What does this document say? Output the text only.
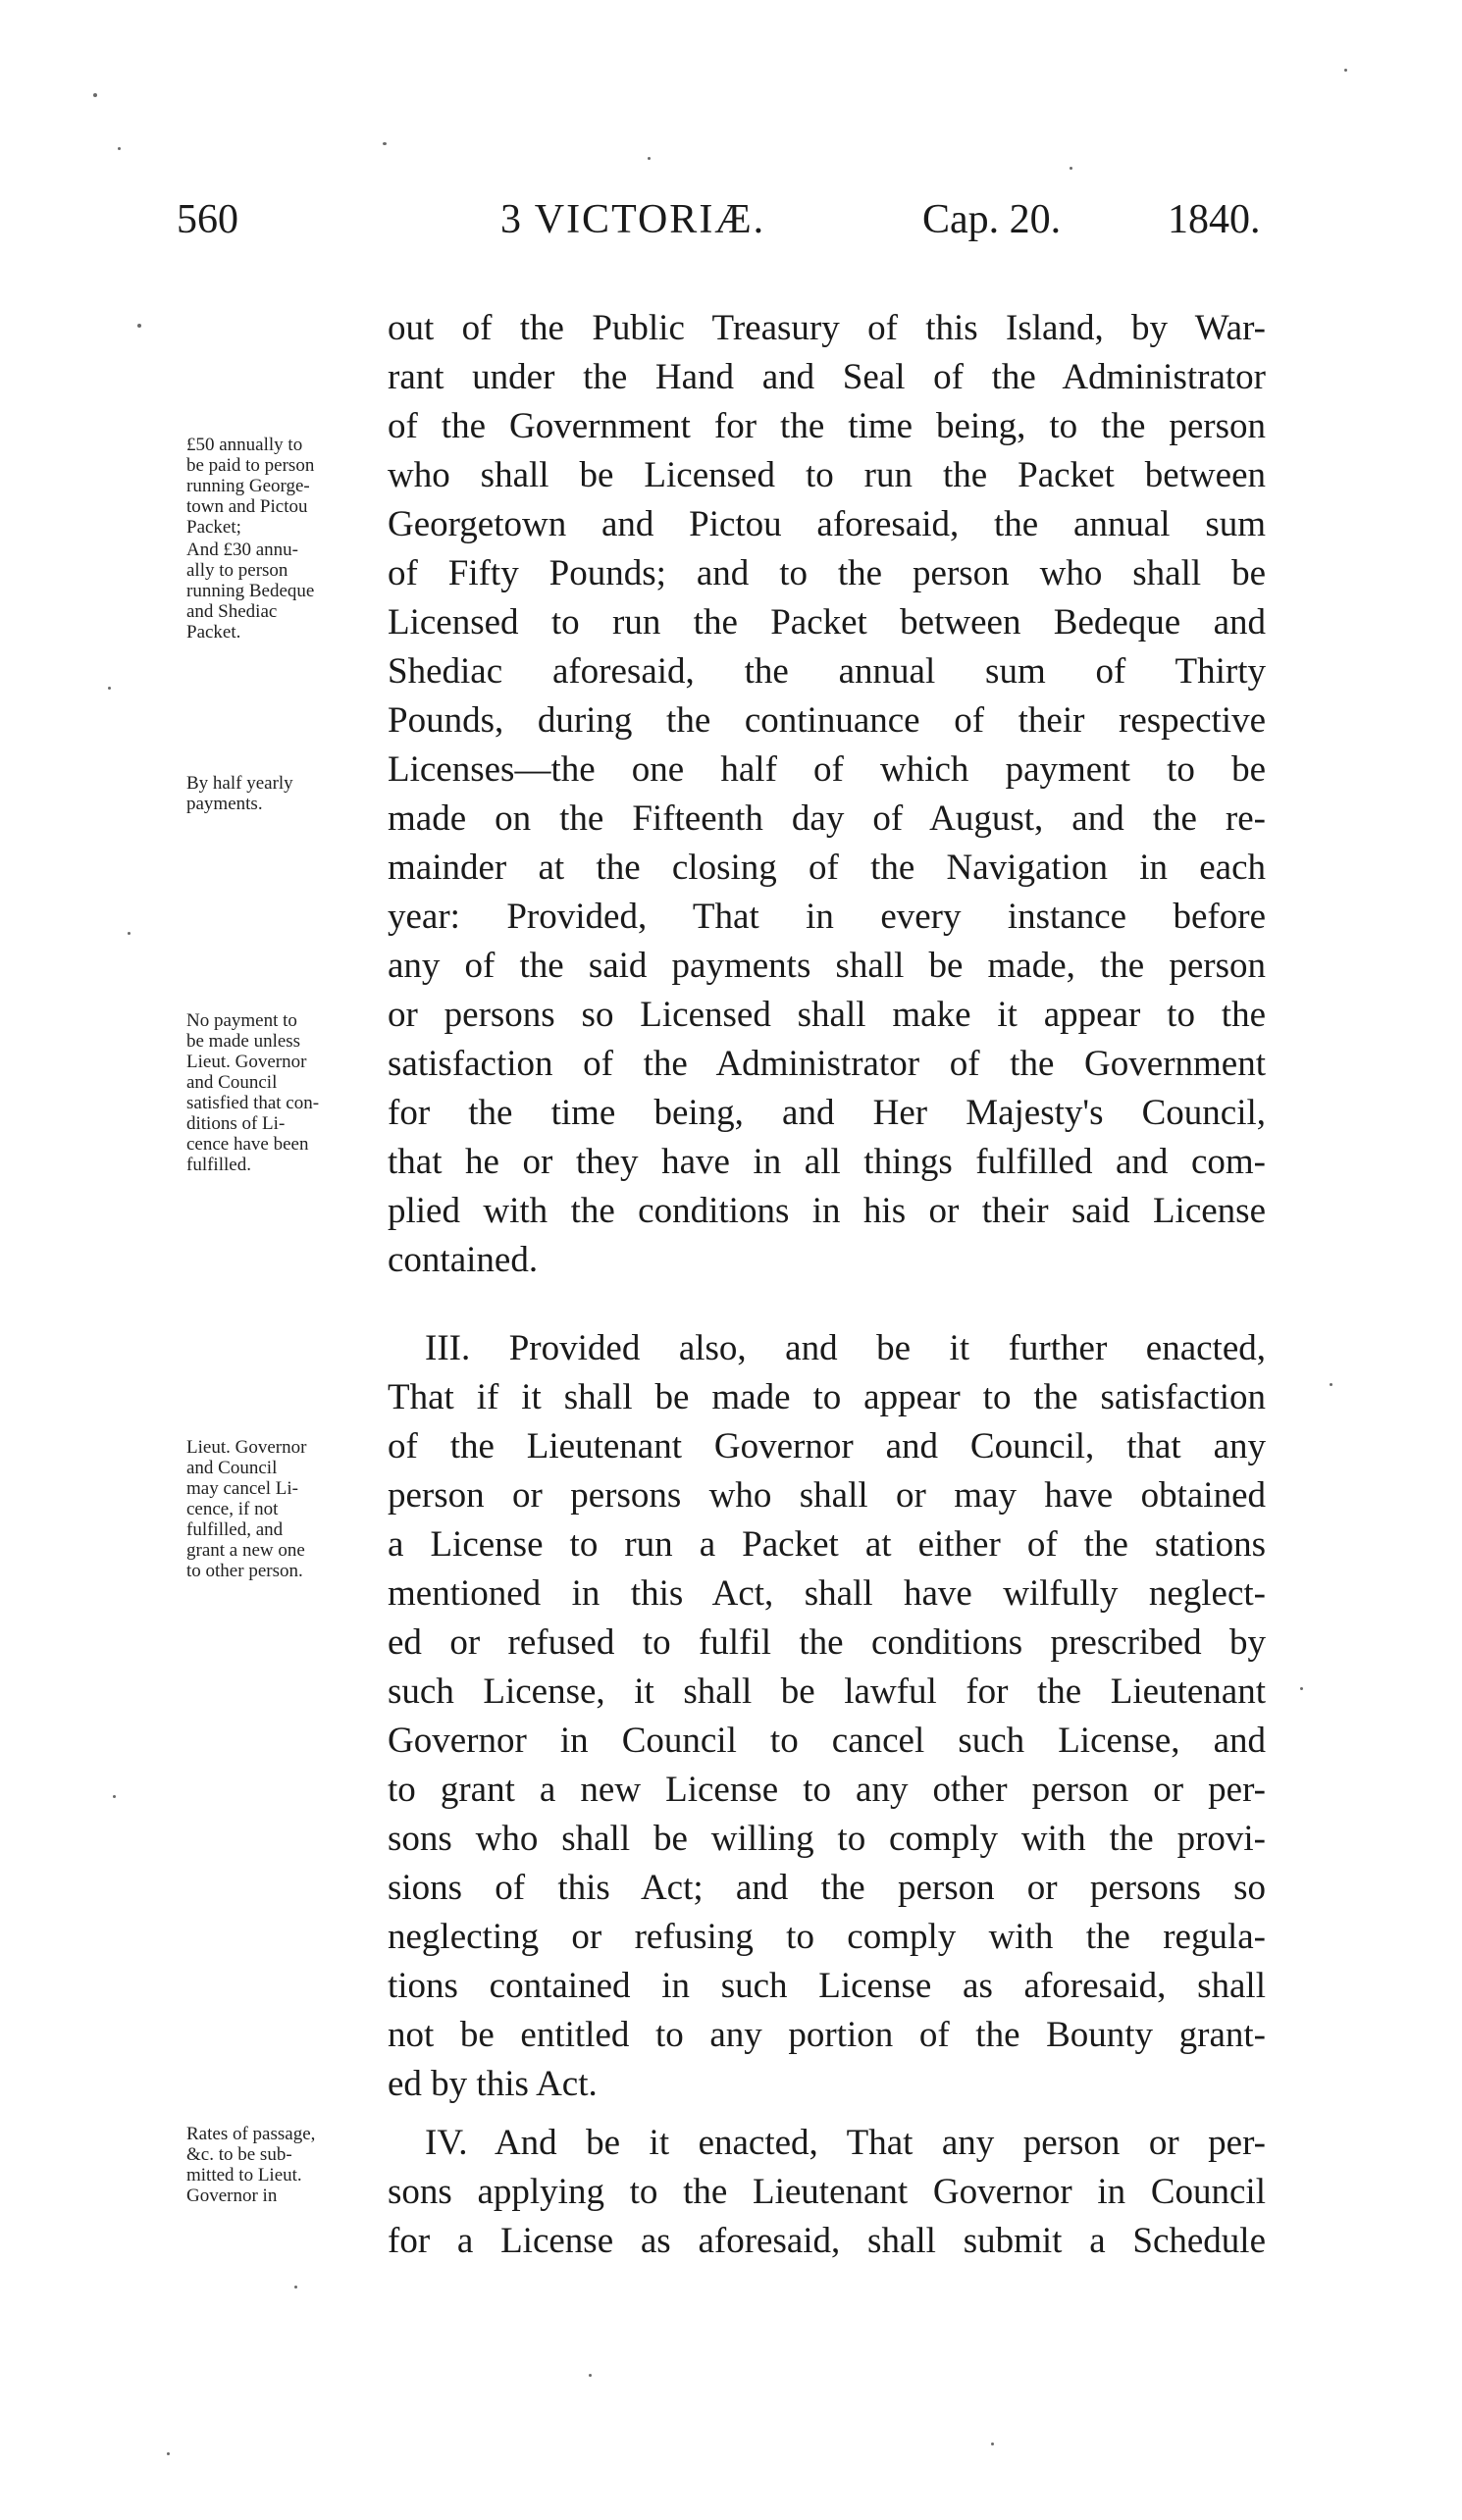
560	3 VICTORIÆ.	Cap. 20.	1840.
out of the Public Treasury of this Island, by War-
rant under the Hand and Seal of the Administrator
of the Government for the time being, to the person
who shall be Licensed to run the Packet between
Georgetown and Pictou aforesaid, the annual sum
of Fifty Pounds; and to the person who shall be
Licensed to run the Packet between Bedeque and
Shediac aforesaid, the annual sum of Thirty
Pounds, during the continuance of their respective
Licenses—the one half of which payment to be
made on the Fifteenth day of August, and the re-
mainder at the closing of the Navigation in each
year: Provided, That in every instance before
any of the said payments shall be made, the person
or persons so Licensed shall make it appear to the
satisfaction of the Administrator of the Government
for the time being, and Her Majesty's Council,
that he or they have in all things fulfilled and com-
plied with the conditions in his or their said License
contained.
III. Provided also, and be it further enacted,
That if it shall be made to appear to the satisfaction
of the Lieutenant Governor and Council, that any
person or persons who shall or may have obtained
a License to run a Packet at either of the stations
mentioned in this Act, shall have wilfully neglect-
ed or refused to fulfil the conditions prescribed by
such License, it shall be lawful for the Lieutenant
Governor in Council to cancel such License, and
to grant a new License to any other person or per-
sons who shall be willing to comply with the provi-
sions of this Act; and the person or persons so
neglecting or refusing to comply with the regula-
tions contained in such License as aforesaid, shall
not be entitled to any portion of the Bounty grant-
ed by this Act.
IV. And be it enacted, That any person or per-
sons applying to the Lieutenant Governor in Council
for a License as aforesaid, shall submit a Schedule
£50 annually to
be paid to person
running George-
town and Pictou
Packet;
And £30 annu-
ally to person
running Bedeque
and Shediac
Packet.
By half yearly
payments.
No payment to
be made unless
Lieut. Governor
and Council
satisfied that con-
ditions of Li-
cence have been
fulfilled.
Lieut. Governor
and Council
may cancel Li-
cence, if not
fulfilled, and
grant a new one
to other person.
Rates of passage,
&c. to be sub-
mitted to Lieut.
Governor in
